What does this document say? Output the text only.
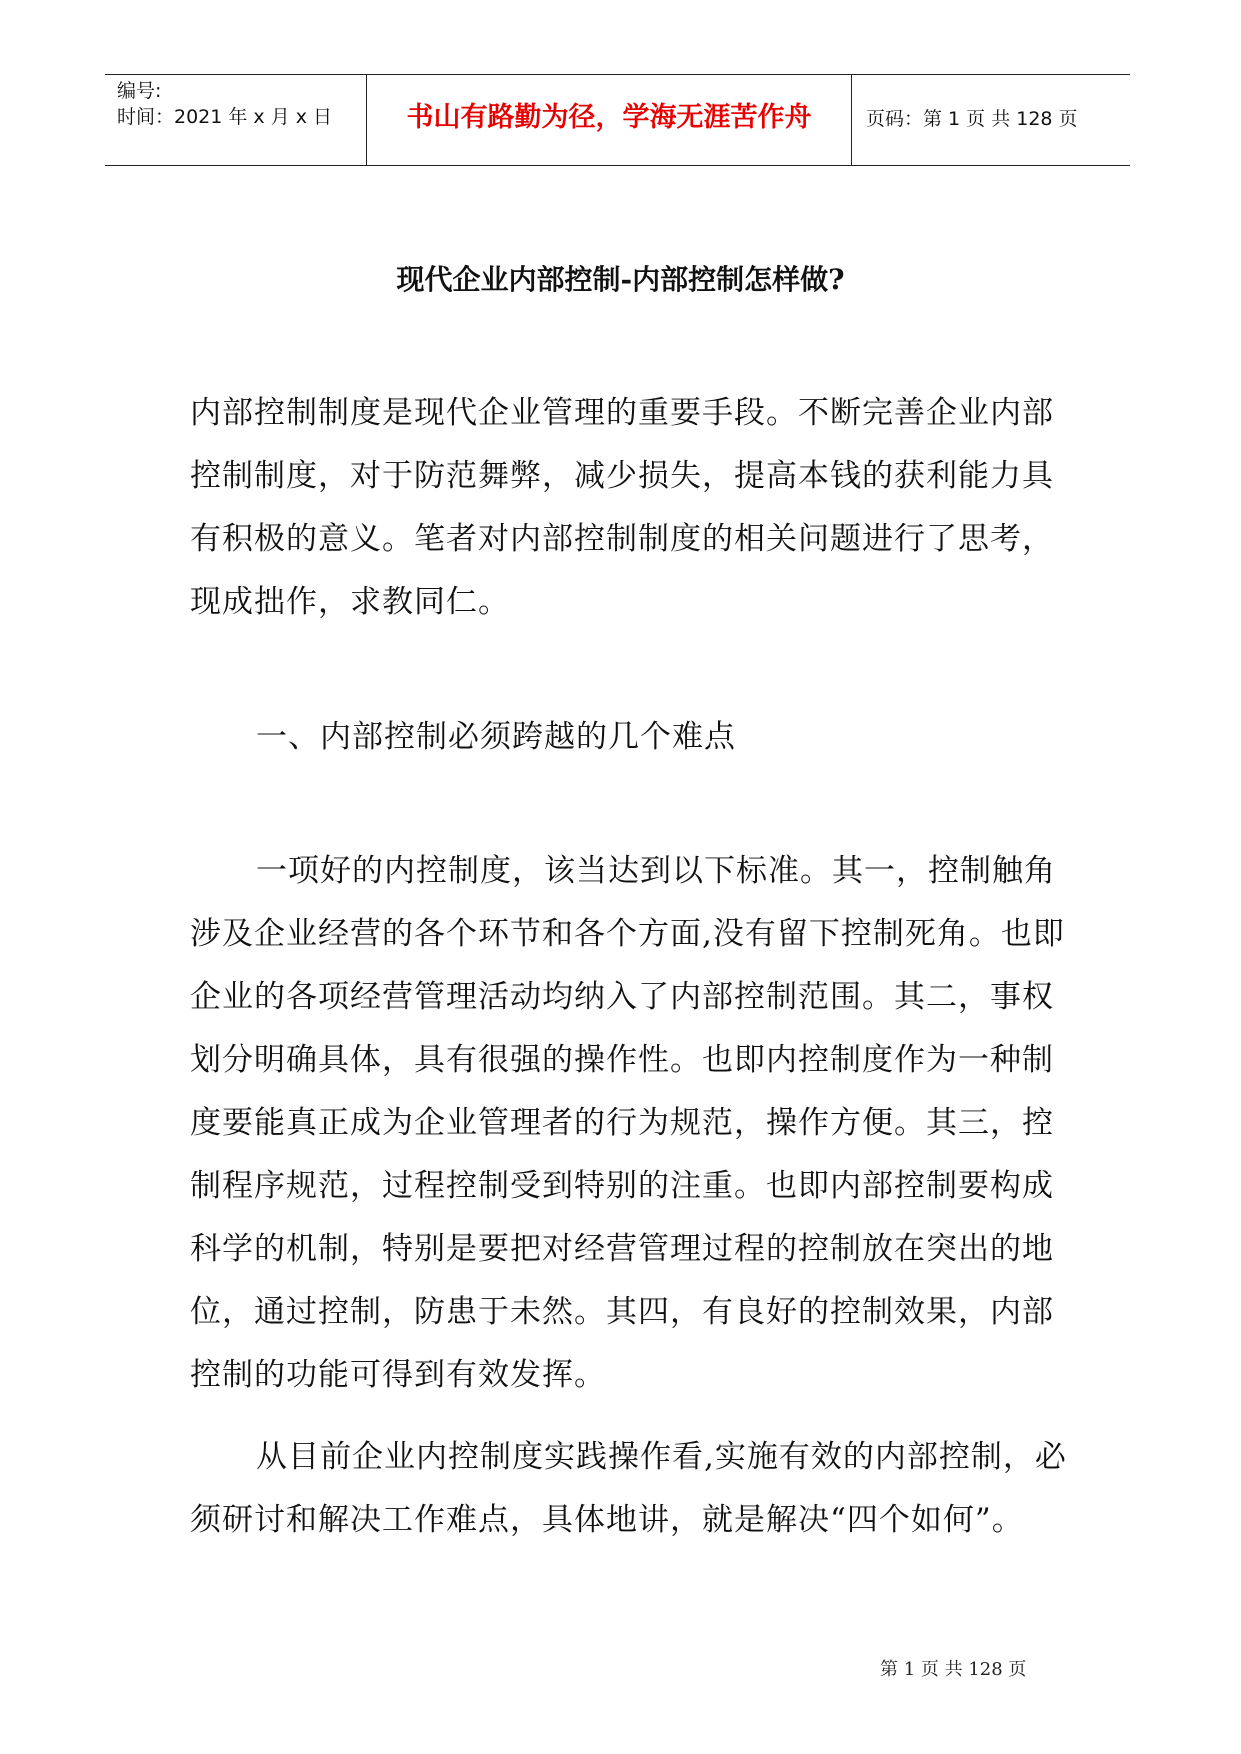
编号:
时间：2021 年 x 月 x 日	书山有路勤为径，学海无涯苦作舟	页码：第 1 页 共 128 页
现代企业内部控制-内部控制怎样做?

内部控制制度是现代企业管理的重要手段。不断完善企业内部控制制度，对于防范舞弊，减少损失，提高本钱的获利能力具有积极的意义。笔者对内部控制制度的相关问题进行了思考，现成拙作，求教同仁。

一、内部控制必须跨越的几个难点

一项好的内控制度，该当达到以下标准。其一，控制触角涉及企业经营的各个环节和各个方面,没有留下控制死角。也即企业的各项经营管理活动均纳入了内部控制范围。其二，事权划分明确具体，具有很强的操作性。也即内控制度作为一种制度要能真正成为企业管理者的行为规范，操作方便。其三，控制程序规范，过程控制受到特别的注重。也即内部控制要构成科学的机制，特别是要把对经营管理过程的控制放在突出的地位，通过控制，防患于未然。其四，有良好的控制效果，内部控制的功能可得到有效发挥。

从目前企业内控制度实践操作看,实施有效的内部控制，必须研讨和解决工作难点，具体地讲，就是解决“四个如何”。

第 1 页 共 128 页
